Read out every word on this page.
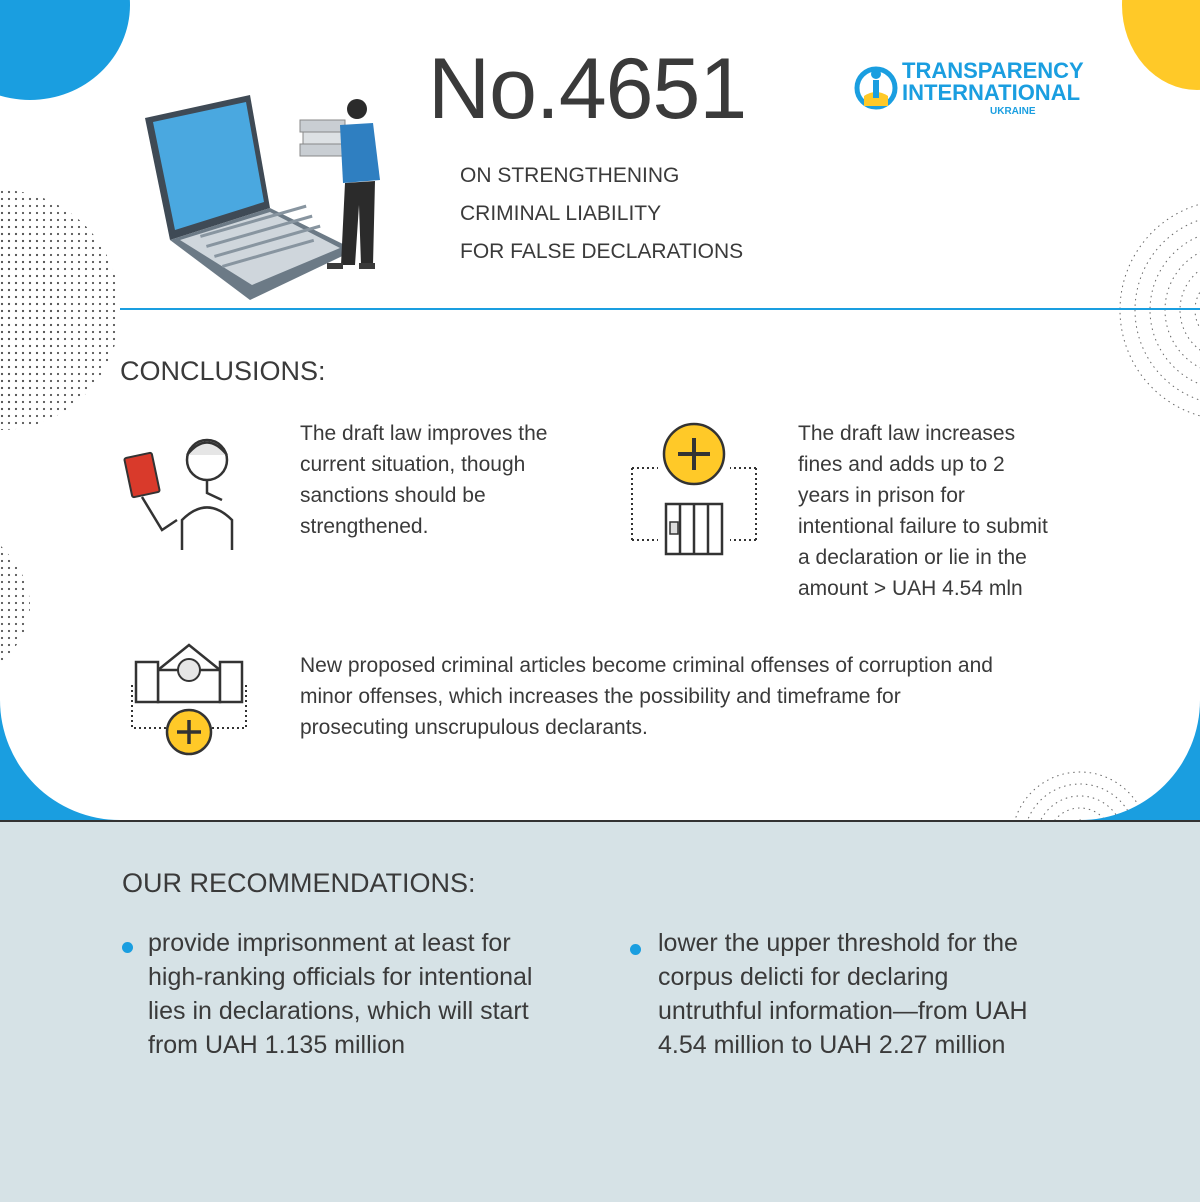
No.4651
ON STRENGTHENING
CRIMINAL LIABILITY
FOR FALSE DECLARATIONS
TRANSPARENCY
INTERNATIONAL
UKRAINE
CONCLUSIONS:
The draft law improves the
current situation, though
sanctions should be
strengthened.
The draft law increases
fines and adds up to 2
years in prison for
intentional failure to submit
a declaration or lie in the
amount > UAH 4.54 mln
New proposed criminal articles become criminal offenses of corruption and
minor offenses, which increases the possibility and timeframe for
prosecuting unscrupulous declarants.
OUR RECOMMENDATIONS:
provide imprisonment at least for
high-ranking officials for intentional
lies in declarations, which will start
from UAH 1.135 million
lower the upper threshold for the
corpus delicti for declaring
untruthful information—from UAH
4.54 million to UAH 2.27 million
